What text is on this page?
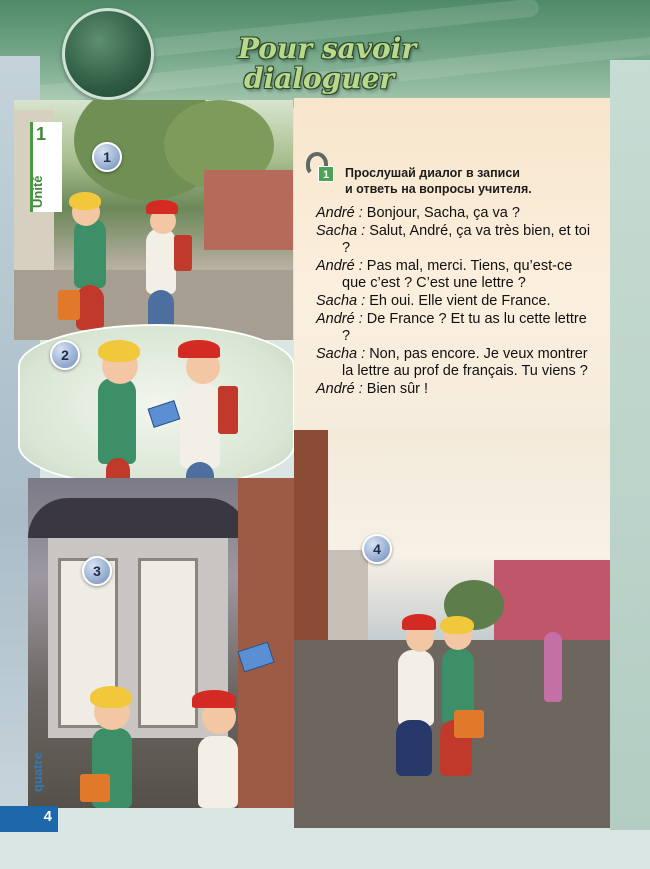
Pour savoir
dialoguer
1	Прослушай диалог в записи
и ответь на вопросы учителя.
André : Bonjour, Sacha, ça va ?
Sacha : Salut, André, ça va très bien, et toi ?
André : Pas mal, merci. Tiens, qu’est-ce que c’est ? C’est une lettre ?
Sacha : Eh oui. Elle vient de France.
André : De France ? Et tu as lu cette lettre ?
Sacha : Non, pas encore. Je veux montrer la lettre au prof de français. Tu viens ?
André : Bien sûr !
1
2
3
4
1
Unité
quatre
4
